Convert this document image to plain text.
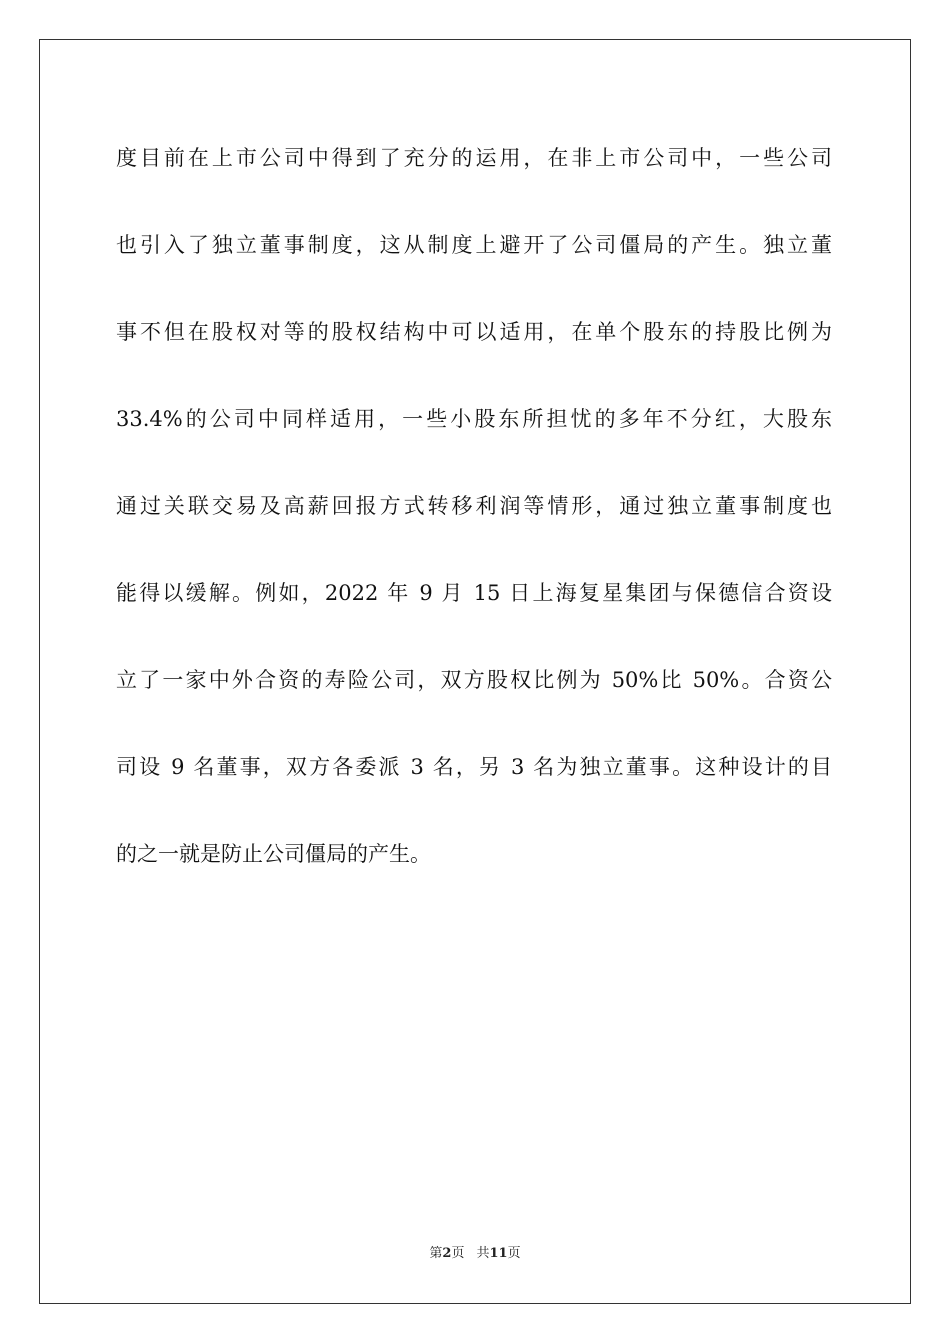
度目前在上市公司中得到了充分的运用，在非上市公司中，一些公司
也引入了独立董事制度，这从制度上避开了公司僵局的产生。独立董
事不但在股权对等的股权结构中可以适用，在单个股东的持股比例为
33.4%的公司中同样适用，一些小股东所担忧的多年不分红，大股东
通过关联交易及高薪回报方式转移利润等情形，通过独立董事制度也
能得以缓解。例如，2022 年 9 月 15 日上海复星集团与保德信合资设
立了一家中外合资的寿险公司，双方股权比例为 50%比 50%。合资公
司设 9 名董事，双方各委派 3 名，另 3 名为独立董事。这种设计的目
的之一就是防止公司僵局的产生。
第2页 共11页
